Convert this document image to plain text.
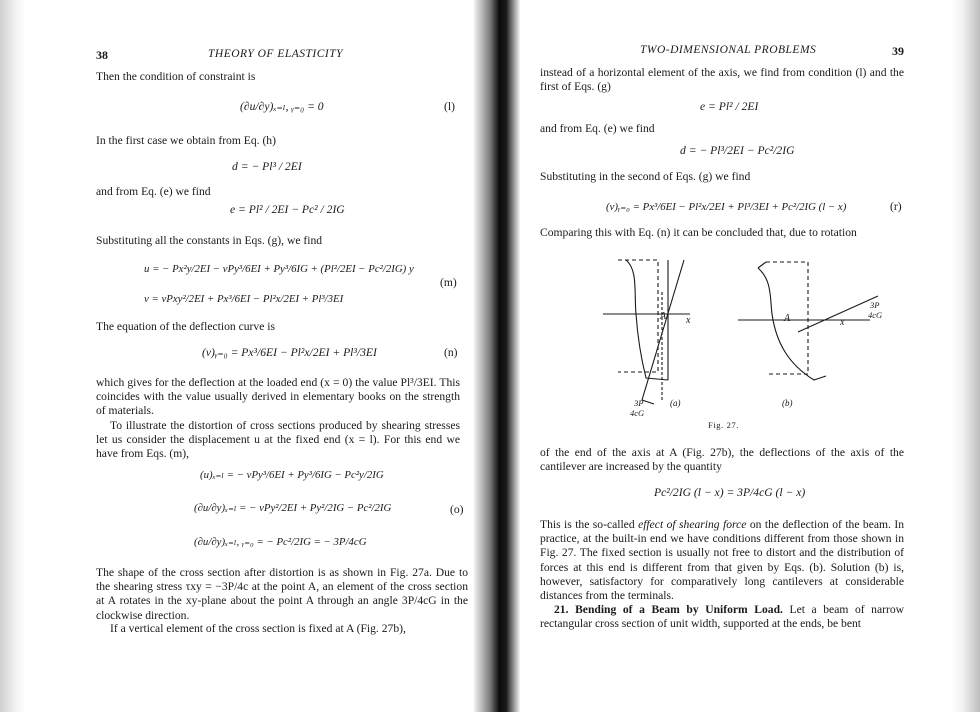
38	THEORY OF ELASTICITY
Then the condition of constraint is
(∂u/∂y)ₓ₌ₗ, ᵧ₌₀ = 0	(l)
In the first case we obtain from Eq. (h)
d = − Pl³ / 2EI
and from Eq. (e) we find
e = Pl² / 2EI − Pc² / 2IG
Substituting all the constants in Eqs. (g), we find
u = − Px²y/2EI − νPy³/6EI + Py³/6IG + (Pl²/2EI − Pc²/2IG) y
v = νPxy²/2EI + Px³/6EI − Pl²x/2EI + Pl³/3EI
(m)
The equation of the deflection curve is
(v)ᵧ₌₀ = Px³/6EI − Pl²x/2EI + Pl³/3EI	(n)
which gives for the deflection at the loaded end (x = 0) the value Pl³/3EI. This coincides with the value usually derived in elementary books on the strength of materials.
To illustrate the distortion of cross sections produced by shearing stresses let us consider the displacement u at the fixed end (x = l). For this end we have from Eqs. (m),
(u)ₓ₌ₗ = − νPy³/6EI + Py³/6IG − Pc²y/2IG
(∂u/∂y)ₓ₌ₗ = − νPy²/2EI + Py²/2IG − Pc²/2IG
(∂u/∂y)ₓ₌ₗ, ᵧ₌₀ = − Pc²/2IG = − 3P/4cG
(o)
The shape of the cross section after distortion is as shown in Fig. 27a. Due to the shearing stress τxy = −3P/4c at the point A, an element of the cross section at A rotates in the xy-plane about the point A through an angle 3P/4cG in the clockwise direction.
If a vertical element of the cross section is fixed at A (Fig. 27b),
TWO-DIMENSIONAL PROBLEMS	39
instead of a horizontal element of the axis, we find from condition (l) and the first of Eqs. (g)
e = Pl² / 2EI
and from Eq. (e) we find
d = − Pl³/2EI − Pc²/2IG
Substituting in the second of Eqs. (g) we find
(v)ᵧ₌₀ = Px³/6EI − Pl²x/2EI + Pl³/3EI + Pc²/2IG (l − x)	(r)
Comparing this with Eq. (n) it can be concluded that, due to rotation
A x
3P
4cG
(a)
A	x
3P
4cG
(b)
Fig. 27.
of the end of the axis at A (Fig. 27b), the deflections of the axis of the cantilever are increased by the quantity
Pc²/2IG (l − x) = 3P/4cG (l − x)
This is the so-called effect of shearing force on the deflection of the beam. In practice, at the built-in end we have conditions different from those shown in Fig. 27. The fixed section is usually not free to distort and the distribution of forces at this end is different from that given by Eqs. (b). Solution (b) is, however, satisfactory for comparatively long cantilevers at considerable distances from the terminals.
21. Bending of a Beam by Uniform Load. Let a beam of narrow rectangular cross section of unit width, supported at the ends, be bent
